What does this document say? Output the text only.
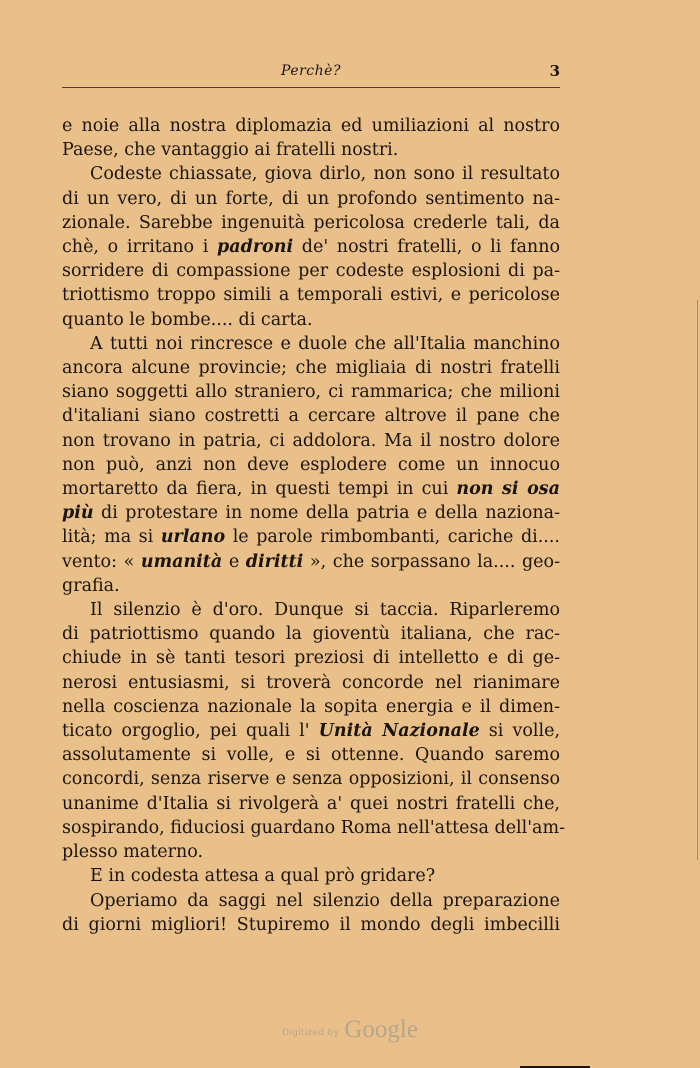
Perchè?	3
e noie alla nostra diplomazia ed umiliazioni al nostro
Paese, che vantaggio ai fratelli nostri.
Codeste chiassate, giova dirlo, non sono il resultato
di un vero, di un forte, di un profondo sentimento na-
zionale. Sarebbe ingenuità pericolosa crederle tali, da
chè, o irritano i padroni de' nostri fratelli, o li fanno
sorridere di compassione per codeste esplosioni di pa-
triottismo troppo simili a temporali estivi, e pericolose
quanto le bombe.... di carta.
A tutti noi rincresce e duole che all'Italia manchino
ancora alcune provincie; che migliaia di nostri fratelli
siano soggetti allo straniero, ci rammarica; che milioni
d'italiani siano costretti a cercare altrove il pane che
non trovano in patria, ci addolora. Ma il nostro dolore
non può, anzi non deve esplodere come un innocuo
mortaretto da fiera, in questi tempi in cui non si osa
più di protestare in nome della patria e della naziona-
lità; ma si urlano le parole rimbombanti, cariche di....
vento: « umanità e diritti », che sorpassano la.... geo-
grafia.
Il silenzio è d'oro. Dunque si taccia. Riparleremo
di patriottismo quando la gioventù italiana, che rac-
chiude in sè tanti tesori preziosi di intelletto e di ge-
nerosi entusiasmi, si troverà concorde nel rianimare
nella coscienza nazionale la sopita energia e il dimen-
ticato orgoglio, pei quali l' Unità Nazionale si volle,
assolutamente si volle, e si ottenne. Quando saremo
concordi, senza riserve e senza opposizioni, il consenso
unanime d'Italia si rivolgerà a' quei nostri fratelli che,
sospirando, fiduciosi guardano Roma nell'attesa dell'am-
plesso materno.
E in codesta attesa a qual prò gridare?
Operiamo da saggi nel silenzio della preparazione
di giorni migliori! Stupiremo il mondo degli imbecilli
Digitized by Google
